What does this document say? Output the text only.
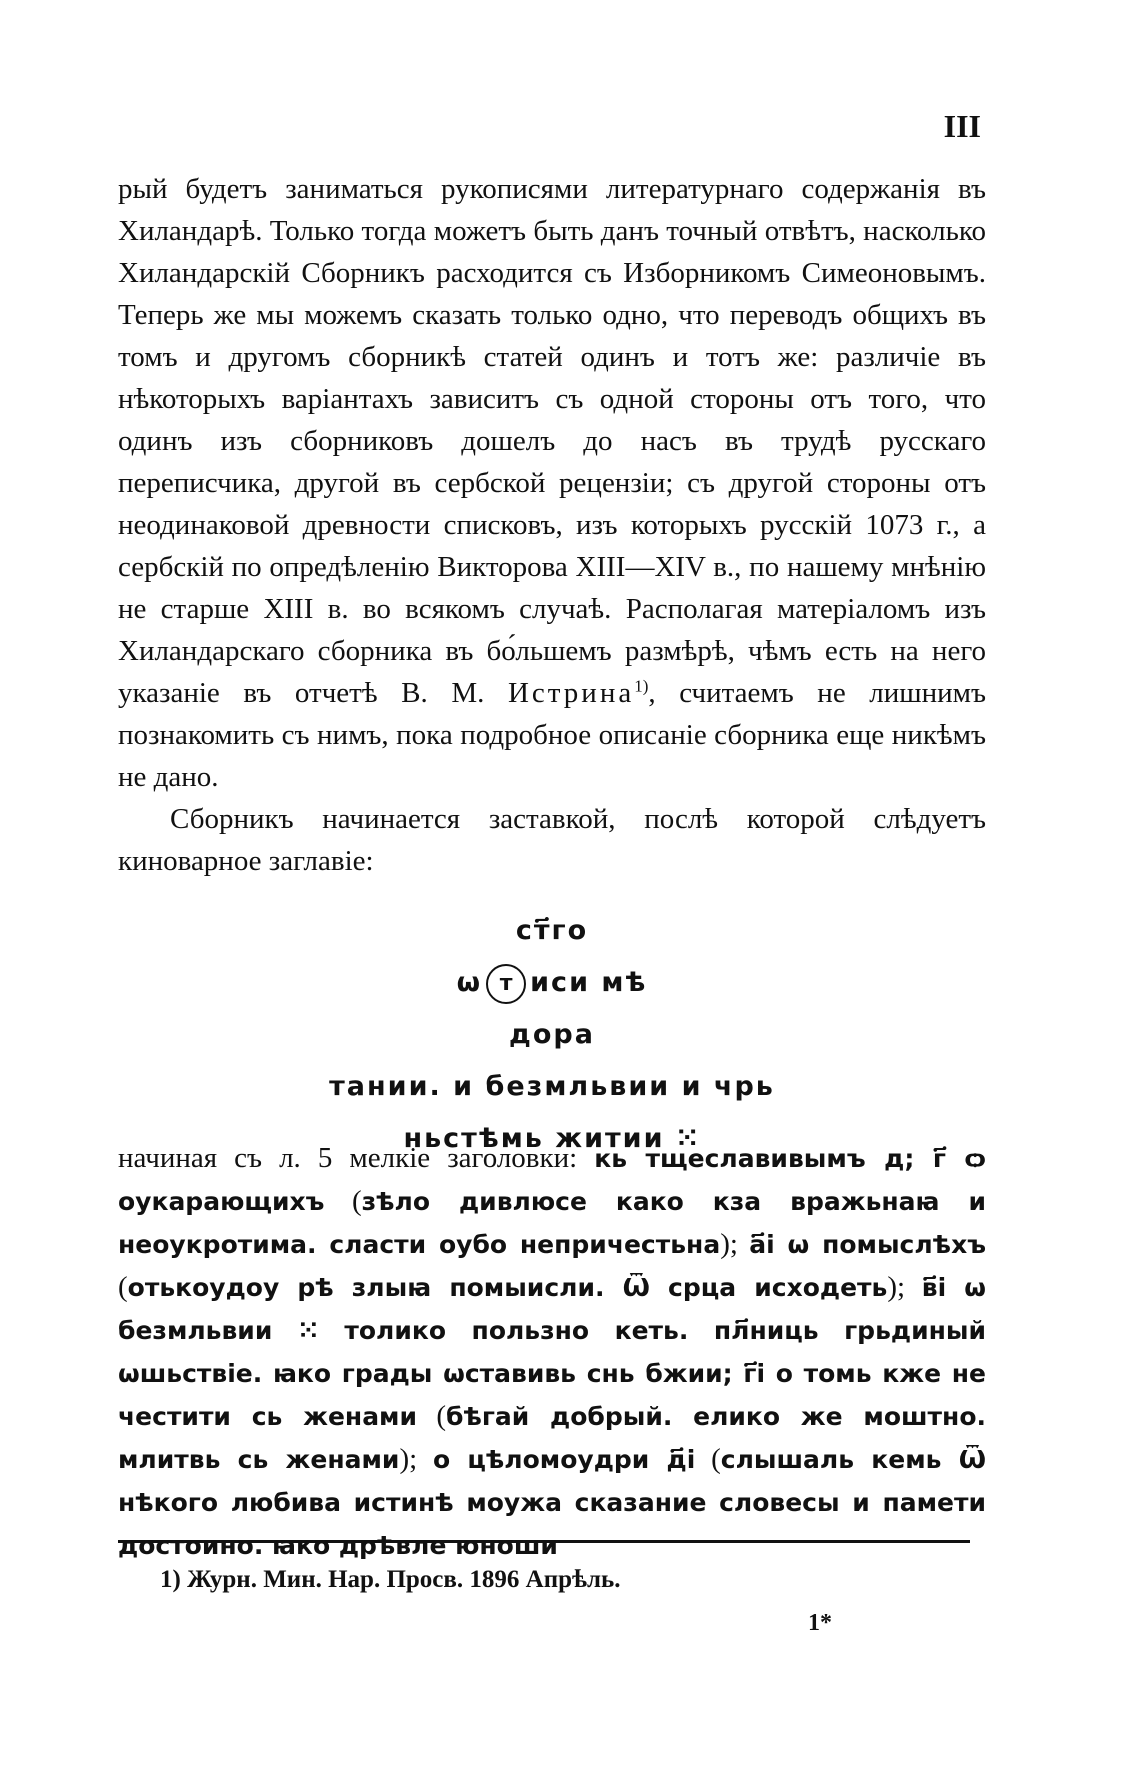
III

рый будетъ заниматься рукописями литературнаго содержанія въ Хиландарѣ. Только тогда можетъ быть данъ точный отвѣтъ, насколько Хиландарскій Сборникъ расходится съ Изборникомъ Симеоновымъ. Теперь же мы можемъ сказать только одно, что переводъ общихъ въ томъ и другомъ сборникѣ статей одинъ и тотъ же: различіе въ нѣкоторыхъ варіантахъ зависитъ съ одной стороны отъ того, что одинъ изъ сборниковъ дошелъ до насъ въ трудѣ русскаго переписчика, другой въ сербской рецензіи; съ другой стороны отъ неодинаковой древности списковъ, изъ которыхъ русскій 1073 г., а сербскій по опредѣленію Викторова XIII—XIV в., по нашему мнѣнію не старше XIII в. во всякомъ случаѣ. Располагая матеріаломъ изъ Хиландарскаго сборника въ бо́льшемъ размѣрѣ, чѣмъ есть на него указаніе въ отчетѣ В. М. Истрина$^{1)}$, считаемъ не лишнимъ познакомить съ нимъ, пока подробное описаніе сборника еще никѣмъ не дано.

Сборникъ начинается заставкой, послѣ которой слѣдуетъ киноварное заглавіе:

ст҃го
ѡ т иси мѣ
дора
тании. и безмльвии и чрь
ньстѣмь житии ⁙

начиная съ л. 5 мелкіе заголовки: кь тщеславивымъ д; г҃ ѻ оукарающихъ (зѣло дивлюсе како кза вражьнаꙗ и неоукротима. сласти оубо непричестьна); а҃і ѡ помыслѣхъ (отькоудоу рѣ злыꙗ помыисли. Ѿ срца исходеть); в҃і ѡ безмльвии ⁙ толико пользно кеть. пл҃ниць грьдиный ѡшьствіе. ꙗко грады ѡставивь снь бжии; г҃і о томь кже не честити сь женами (бѣгай добрый. елико же моштно. млитвь сь женами); о цѣломоудри д҃і (слышаль кемь Ѿ нѣкого любива истинѣ моужа сказание словесы и памети достоино. ꙗко дрѣвле юноши

1) Журн. Мин. Нар. Просв. 1896 Апрѣль.
1*
